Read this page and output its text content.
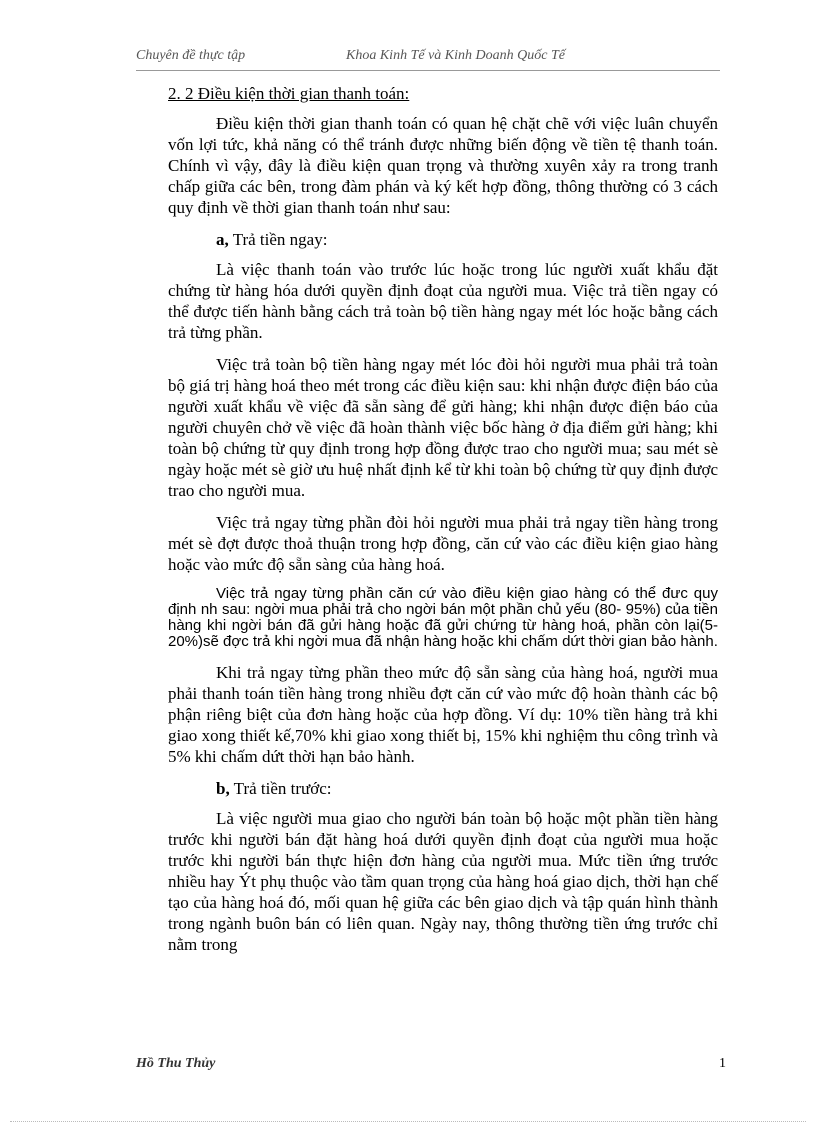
Chuyên đề thực tập	Khoa Kinh Tế và Kinh Doanh Quốc Tế

2. 2 Điều kiện thời gian thanh toán:

Điều kiện thời gian thanh toán có quan hệ chặt chẽ với việc luân chuyển vốn lợi tức, khả năng có thể tránh được những biến động về tiền tệ thanh toán. Chính vì vậy, đây là điều kiện quan trọng và thường xuyên xảy ra trong tranh chấp giữa các bên, trong đàm phán và ký kết hợp đồng, thông thường có 3 cách quy định về thời gian thanh toán như sau:

a, Trả tiền ngay:

Là việc thanh toán vào trước lúc hoặc trong lúc người xuất khẩu đặt chứng từ hàng hóa dưới quyền định đoạt của người mua. Việc trả tiền ngay có thể được tiến hành bằng cách trả toàn bộ tiền hàng ngay mét lóc hoặc bằng cách trả từng phần.

Việc trả toàn bộ tiền hàng ngay mét lóc đòi hỏi người mua phải trả toàn bộ giá trị hàng hoá theo mét trong các điều kiện sau: khi nhận được điện báo của người xuất khẩu về việc đã sẵn sàng để gửi hàng; khi nhận được điện báo của người chuyên chở về việc đã hoàn thành việc bốc hàng ở địa điểm gửi hàng; khi toàn bộ chứng từ quy định trong hợp đồng được trao cho người mua; sau mét sè ngày hoặc mét sè giờ ưu huệ nhất định kể từ khi toàn bộ chứng từ quy định được trao cho người mua.

Việc trả ngay từng phần đòi hỏi người mua phải trả ngay tiền hàng trong mét sè đợt được thoả thuận trong hợp đồng, căn cứ vào các điều kiện giao hàng hoặc vào mức độ sẵn sàng của hàng hoá.

Việc trả ngay từng phần căn cứ vào điều kiện giao hàng có thể đưc quy định nh sau: ngời mua phải trả cho ngời bán một phần chủ yếu (80- 95%) của tiền hàng khi ngời bán đã gửi hàng hoặc đã gửi chứng từ hàng hoá, phần còn lại(5- 20%)sẽ đợc trả khi ngời mua đã nhận hàng hoặc khi chấm dứt thời gian bảo hành.

Khi trả ngay từng phần theo mức độ sẵn sàng của hàng hoá, người mua phải thanh toán tiền hàng trong nhiều đợt căn cứ vào mức độ hoàn thành các bộ phận riêng biệt của đơn hàng hoặc của hợp đồng. Ví dụ: 10% tiền hàng trả khi giao xong thiết kế,70% khi giao xong thiết bị, 15% khi nghiệm thu công trình và 5% khi chấm dứt thời hạn bảo hành.

b, Trả tiền trước:

Là việc người mua giao cho người bán toàn bộ hoặc một phần tiền hàng trước khi người bán đặt hàng hoá dưới quyền định đoạt của người mua hoặc trước khi người bán thực hiện đơn hàng của người mua. Mức tiền ứng trước nhiều hay Ýt phụ thuộc vào tầm quan trọng của hàng hoá giao dịch, thời hạn chế tạo của hàng hoá đó, mối quan hệ giữa các bên giao dịch và tập quán hình thành trong ngành buôn bán có liên quan. Ngày nay, thông thường tiền ứng trước chỉ nằm trong

Hồ Thu Thủy	1
